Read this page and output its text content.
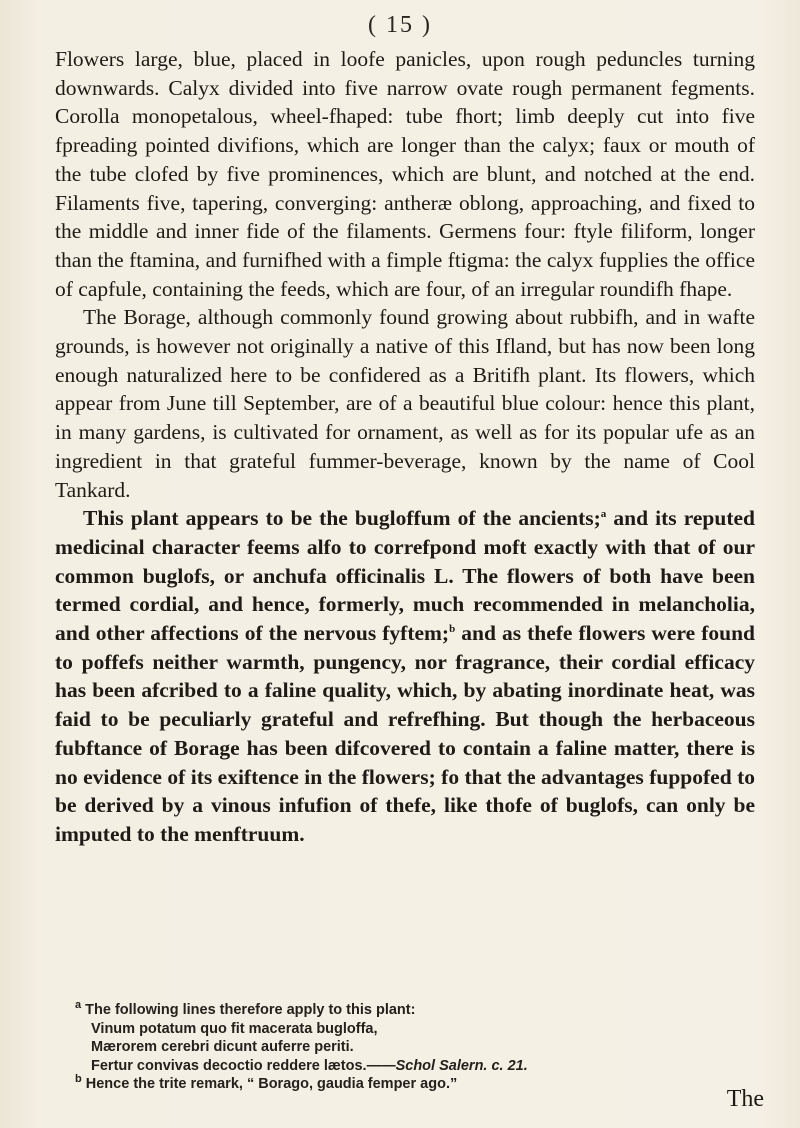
( 15 )

Flowers large, blue, placed in loofe panicles, upon rough peduncles turning downwards. Calyx divided into five narrow ovate rough permanent fegments. Corolla monopetalous, wheel-fhaped: tube fhort; limb deeply cut into five fpreading pointed divifions, which are longer than the calyx; faux or mouth of the tube clofed by five prominences, which are blunt, and notched at the end. Filaments five, tapering, converging: antheræ oblong, approaching, and fixed to the middle and inner fide of the filaments. Germens four: ftyle filiform, longer than the ftamina, and furnifhed with a fimple ftigma: the calyx fupplies the office of capfule, containing the feeds, which are four, of an irregular roundifh fhape.

The Borage, although commonly found growing about rubbifh, and in wafte grounds, is however not originally a native of this Ifland, but has now been long enough naturalized here to be confidered as a Britifh plant. Its flowers, which appear from June till September, are of a beautiful blue colour: hence this plant, in many gardens, is cultivated for ornament, as well as for its popular ufe as an ingredient in that grateful fummer-beverage, known by the name of Cool Tankard.

This plant appears to be the bugloffum of the ancients;$^a$ and its reputed medicinal character feems alfo to correfpond moft exactly with that of our common buglofs, or anchufa officinalis L. The flowers of both have been termed cordial, and hence, formerly, much recommended in melancholia, and other affections of the nervous fyftem;$^b$ and as thefe flowers were found to poffefs neither warmth, pungency, nor fragrance, their cordial efficacy has been afcribed to a faline quality, which, by abating inordinate heat, was faid to be peculiarly grateful and refrefhing. But though the herbaceous fubftance of Borage has been difcovered to contain a faline matter, there is no evidence of its exiftence in the flowers; fo that the advantages fuppofed to be derived by a vinous infufion of thefe, like thofe of buglofs, can only be imputed to the menftruum.

$^a$ The following lines therefore apply to this plant:

Vinum potatum quo fit macerata bugloffa,

Mærorem cerebri dicunt auferre periti.

Fertur convivas decoctio reddere lætos.——Schol Salern. c. 21.

$^b$ Hence the trite remark, “ Borago, gaudia femper ago.”

The
